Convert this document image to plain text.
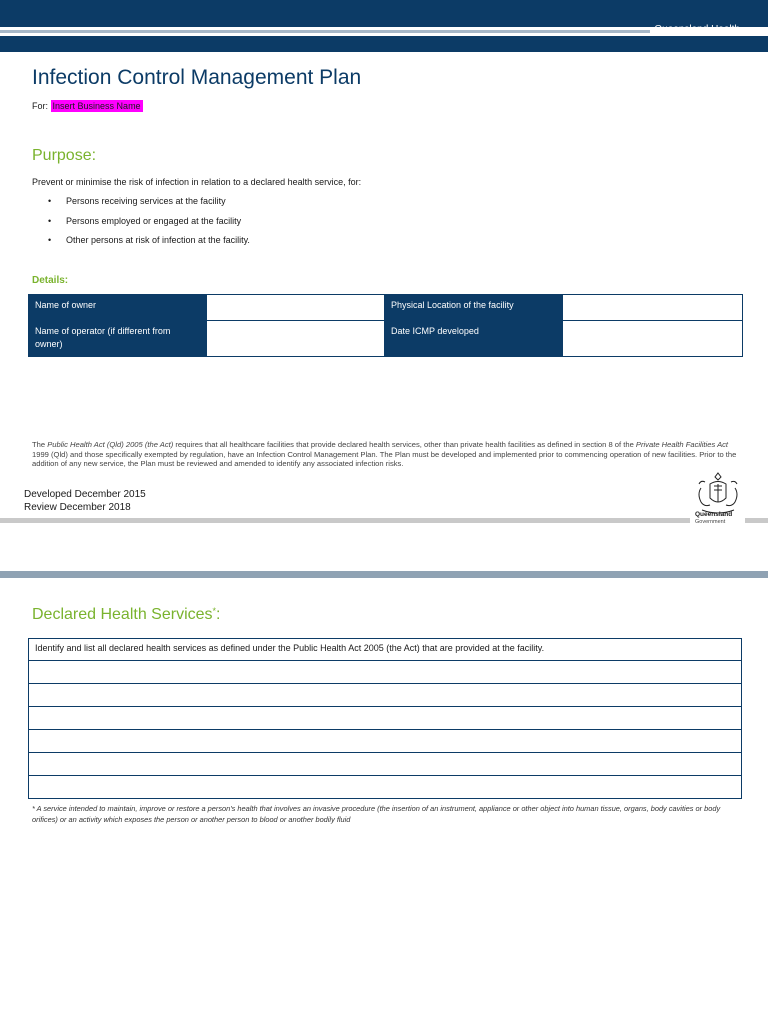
Queensland Health
Infection Control Management Plan
For: Insert Business Name
Purpose:
Prevent or minimise the risk of infection in relation to a declared health service, for:
• Persons receiving services at the facility
• Persons employed or engaged at the facility
• Other persons at risk of infection at the facility.
Details:
Name of owner		Physical Location of the facility	
Name of operator (if different from owner)		Date ICMP developed	
The Public Health Act (Qld) 2005 (the Act) requires that all healthcare facilities that provide declared health services, other than private health facilities as defined in section 8 of the Private Health Facilities Act 1999 (Qld) and those specifically exempted by regulation, have an Infection Control Management Plan. The Plan must be developed and implemented prior to commencing operation of new facilities. Prior to the addition of any new service, the Plan must be reviewed and amended to identify any associated infection risks.
Developed December 2015
Review December 2018
Queensland
Government
Declared Health Services*:
Identify and list all declared health services as defined under the Public Health Act 2005 (the Act) that are provided at the facility.

* A service intended to maintain, improve or restore a person's health that involves an invasive procedure (the insertion of an instrument, appliance or other object into human tissue, organs, body cavities or body orifices) or an activity which exposes the person or another person to blood or another bodily fluid
